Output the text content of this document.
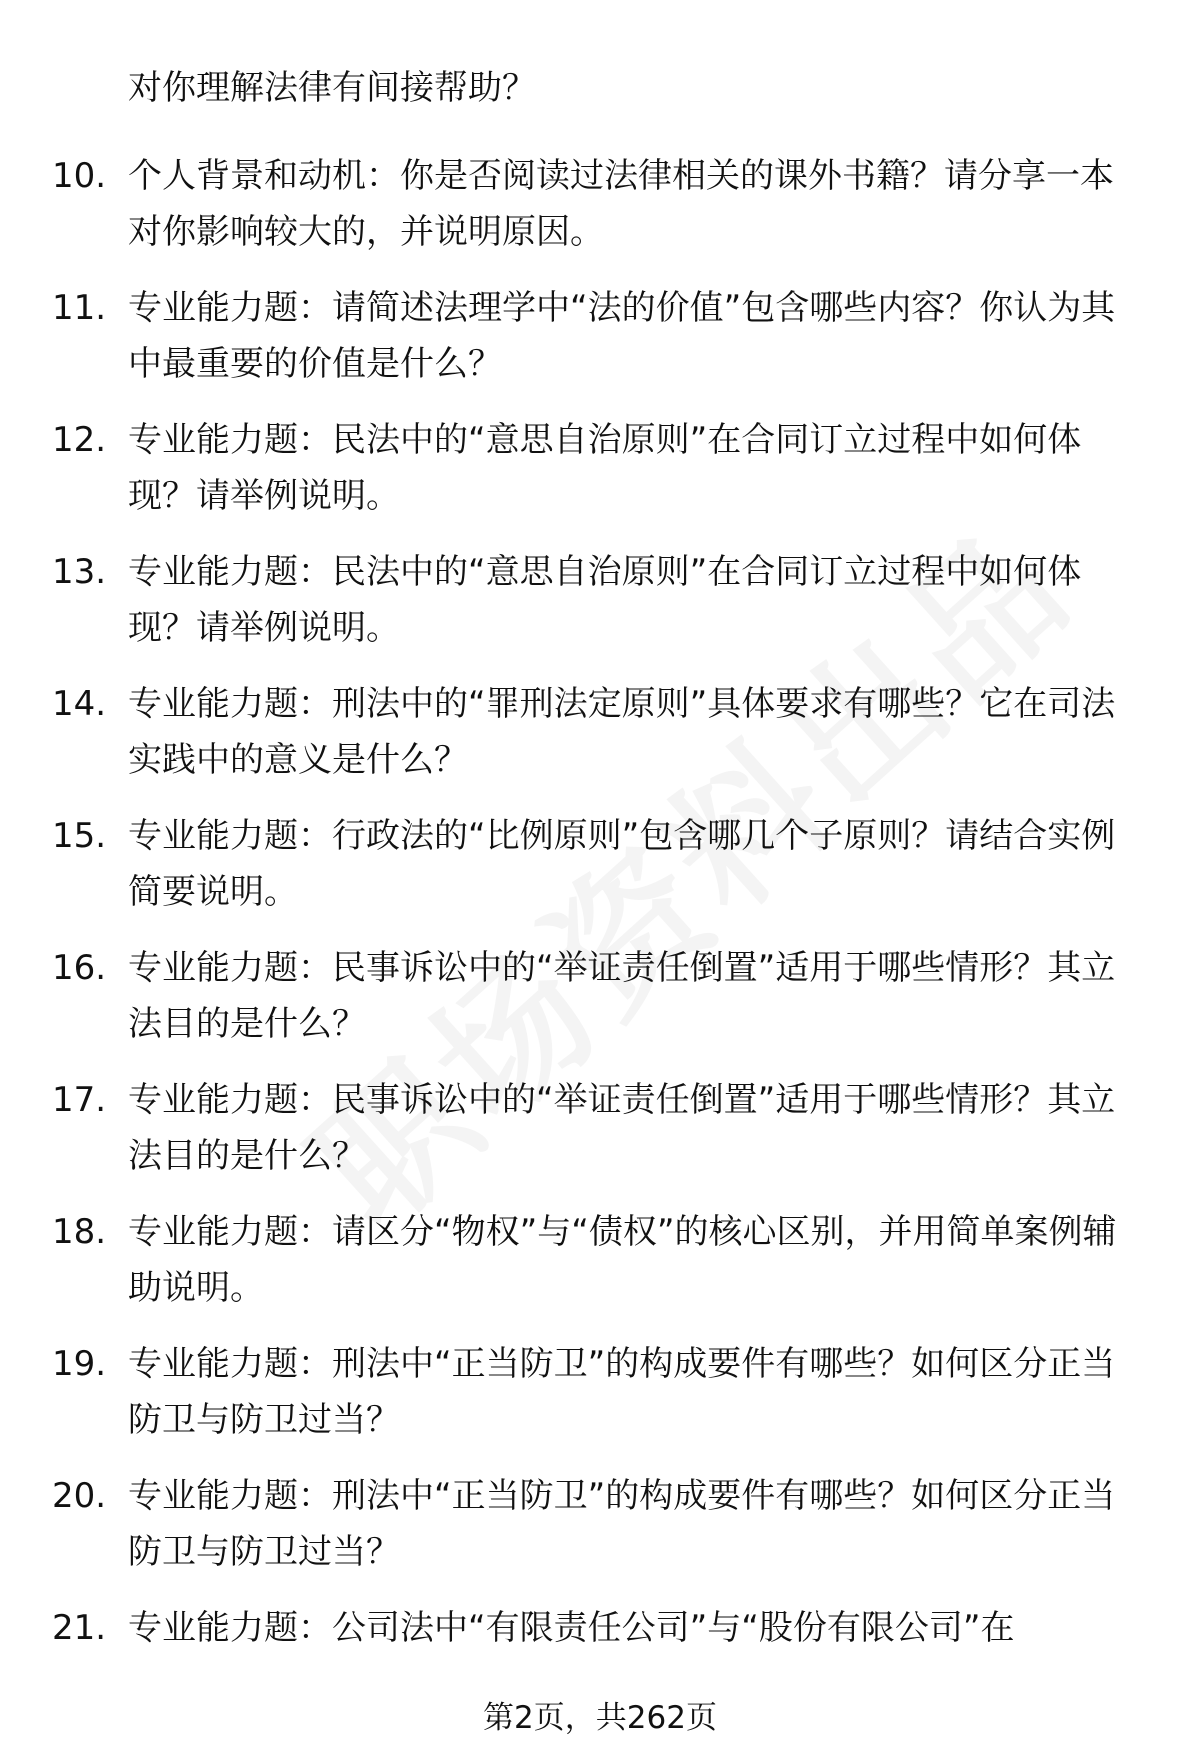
对你理解法律有间接帮助？

10. 个人背景和动机：你是否阅读过法律相关的课外书籍？请分享一本对你影响较大的，并说明原因。
11. 专业能力题：请简述法理学中“法的价值”包含哪些内容？你认为其中最重要的价值是什么？
12. 专业能力题：民法中的“意思自治原则”在合同订立过程中如何体现？请举例说明。
13. 专业能力题：民法中的“意思自治原则”在合同订立过程中如何体现？请举例说明。
14. 专业能力题：刑法中的“罪刑法定原则”具体要求有哪些？它在司法实践中的意义是什么？
15. 专业能力题：行政法的“比例原则”包含哪几个子原则？请结合实例简要说明。
16. 专业能力题：民事诉讼中的“举证责任倒置”适用于哪些情形？其立法目的是什么？
17. 专业能力题：民事诉讼中的“举证责任倒置”适用于哪些情形？其立法目的是什么？
18. 专业能力题：请区分“物权”与“债权”的核心区别，并用简单案例辅助说明。
19. 专业能力题：刑法中“正当防卫”的构成要件有哪些？如何区分正当防卫与防卫过当？
20. 专业能力题：刑法中“正当防卫”的构成要件有哪些？如何区分正当防卫与防卫过当？
21. 专业能力题：公司法中“有限责任公司”与“股份有限公司”在

第2页，共262页
